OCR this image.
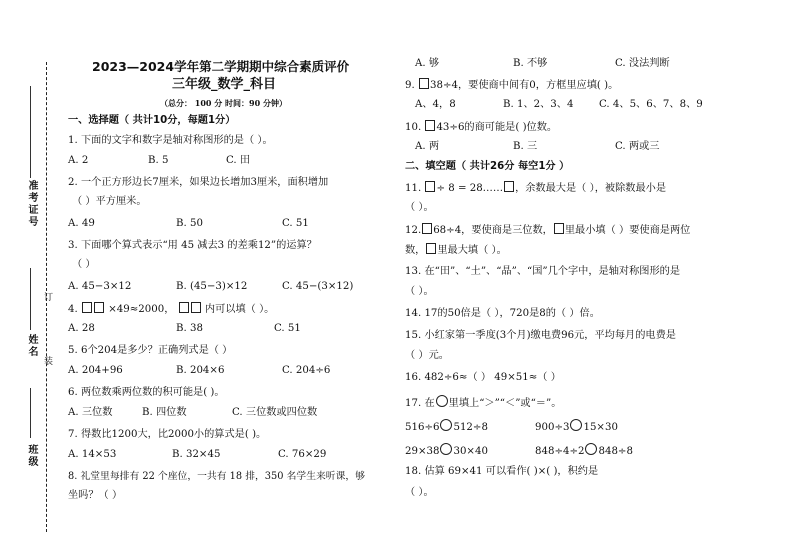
准考证号
订
姓名
装
班级
2023—2024学年第二学期期中综合素质评价
三年级_数学_科目
（总分： 100 分 时间：90 分钟）
一、选择题（ 共计10分，每题1分）
1. 下面的文字和数字是轴对称图形的是（ ）。
A. 2	B. 5	C. 田
2. 一个正方形边长7厘米，如果边长增加3厘米，面积增加
（ ）平方厘米。
A. 49	B. 50	C. 51
3. 下面哪个算式表示“用 45 减去3 的差乘12”的运算？
（ ）
A. 45−3×12	B. (45−3)×12	C. 45−(3×12)
4.	×49≈2000，	内可以填（ ）。
A. 28	B. 38	C. 51
5. 6个204是多少？正确列式是（ ）
A. 204+96	B. 204×6	C. 204÷6
6. 两位数乘两位数的积可能是( )。
A. 三位数	B. 四位数	C. 三位数或四位数
7. 得数比1200大，比2000小的算式是( )。
A. 14×53	B. 32×45	C. 76×29
8. 礼堂里每排有 22 个座位，一共有 18 排，350 名学生来听课，够
坐吗？（ ）
A. 够	B. 不够	C. 没法判断
9. 38÷4，要使商中间有0，方框里应填( )。
A、4，8	B. 1、2、3、4	C. 4、5、6、7、8、9
10. 43÷6的商可能是( )位数。
A. 两	B. 三	C. 两或三
二、填空题（ 共计26分 每空1分 ）
11. ÷ 8 = 28…… ，余数最大是（ ），被除数最小是
（ ）。
12. 68÷4，要使商是三位数， 里最小填（ ）要使商是两位
数， 里最大填（ ）。
13. 在“田”、“土”、“晶”、“国”几个字中，是轴对称图形的是
（ ）。
14. 17的50倍是（ ），720是8的（ ）倍。
15. 小红家第一季度(3个月)缴电费96元，平均每月的电费是
（ ）元。
16. 482÷6≈（ ） 49×51≈（ ）
17. 在 里填上“＞”“＜”或“＝”。
516÷6 512÷8	900÷3 15×30
29×38 30×40	848÷4÷2 848÷8
18. 估算 69×41 可以看作( )×( )，积约是
（ ）。
